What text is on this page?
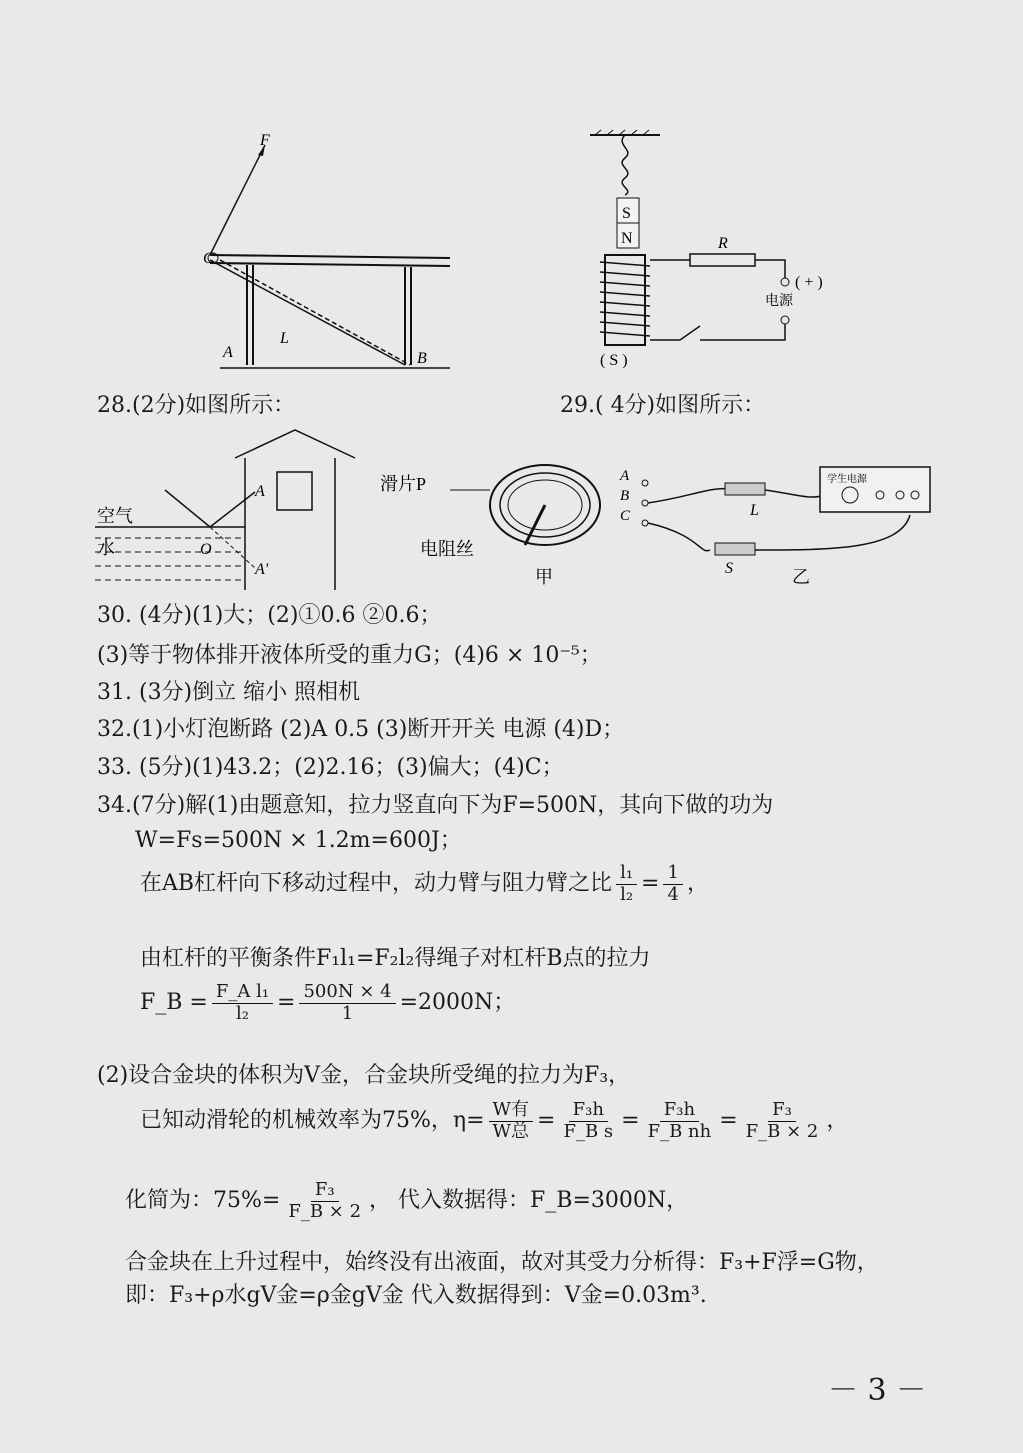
F
C
A
L
B
S
N	R
( + )
电源
( S )
28.(2分)如图所示：	29.( 4分)如图所示：
空气
水
A
O
A'
滑片P	A
B
C
电阻丝
甲
L
S
学生电源
乙
30. (4分)(1)大；(2)①0.6 ②0.6；
(3)等于物体排开液体所受的重力G；(4)6 × 10⁻⁵；
31. (3分)倒立 缩小 照相机
32.(1)小灯泡断路 (2)A 0.5 (3)断开开关 电源 (4)D；
33. (5分)(1)43.2；(2)2.16；(3)偏大；(4)C；
34.(7分)解(1)由题意知，拉力竖直向下为F=500N，其向下做的功为
W=Fs=500N × 1.2m=600J；
在AB杠杆向下移动过程中，动力臂与阻力臂之比 $\frac{\text{l₁}}{\text{l₂}} = \frac{1}{4}$ ，
由杠杆的平衡条件F₁l₁=F₂l₂得绳子对杠杆B点的拉力
F_B = $\frac{\text{F\_A l₁}}{\text{l₂}} = \frac{500N \times 4}{1} =2000N$；
(2)设合金块的体积为V金，合金块所受绳的拉力为F₃，
已知动滑轮的机械效率为75%，$\eta= \frac{\text{W有}}{\text{W总}} = \frac{\text{F₃h}}{\text{F\_B s}} = \frac{\text{F₃h}}{\text{F\_B nh}} = \frac{\text{F₃}}{F\_B \times 2}$ ，
化简为：$75\%= \frac{\text{F₃}}{F\_B \times 2}$ ， 代入数据得：F_B=3000N，
合金块在上升过程中，始终没有出液面，故对其受力分析得：F₃+F浮=G物，
即：F₃+ρ水gV金=ρ金gV金 代入数据得到：V金=0.03m³.
－ 3 －
